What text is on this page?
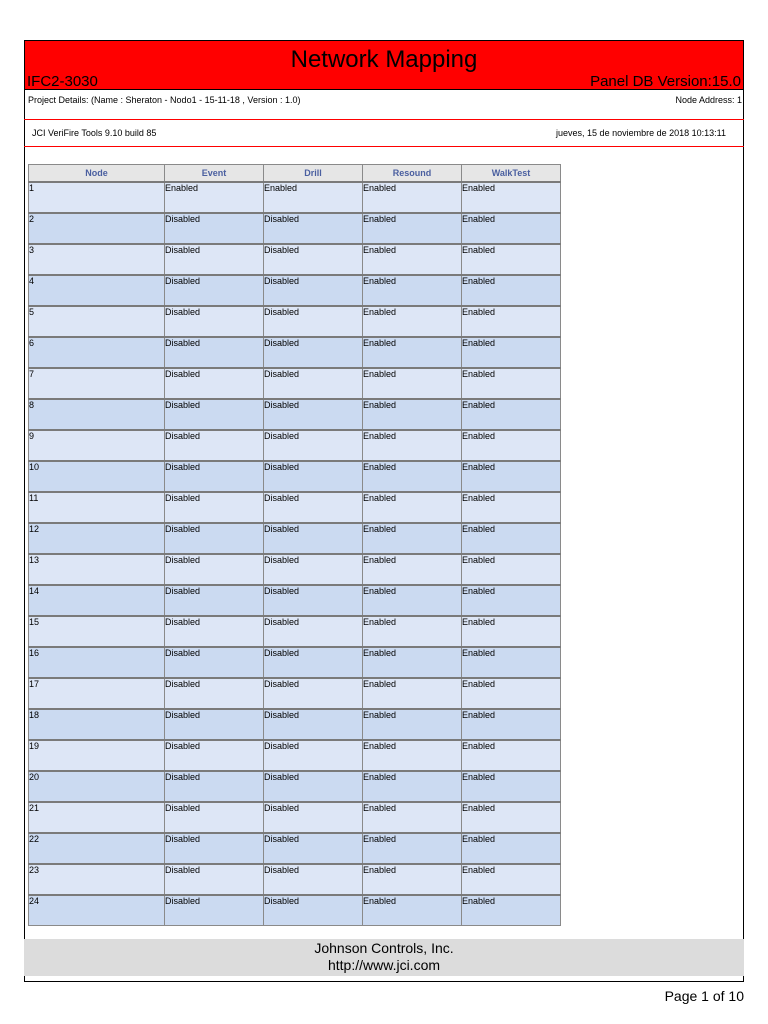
Network Mapping
IFC2-3030	Panel DB Version:15.0
Project Details: (Name : Sheraton - Nodo1 - 15-11-18 , Version : 1.0)	Node Address: 1
JCI VeriFire Tools 9.10 build 85	jueves, 15 de noviembre de 2018 10:13:11
Node	Event	Drill	Resound	WalkTest
1	Enabled	Enabled	Enabled	Enabled
2	Disabled	Disabled	Enabled	Enabled
3	Disabled	Disabled	Enabled	Enabled
4	Disabled	Disabled	Enabled	Enabled
5	Disabled	Disabled	Enabled	Enabled
6	Disabled	Disabled	Enabled	Enabled
7	Disabled	Disabled	Enabled	Enabled
8	Disabled	Disabled	Enabled	Enabled
9	Disabled	Disabled	Enabled	Enabled
10	Disabled	Disabled	Enabled	Enabled
11	Disabled	Disabled	Enabled	Enabled
12	Disabled	Disabled	Enabled	Enabled
13	Disabled	Disabled	Enabled	Enabled
14	Disabled	Disabled	Enabled	Enabled
15	Disabled	Disabled	Enabled	Enabled
16	Disabled	Disabled	Enabled	Enabled
17	Disabled	Disabled	Enabled	Enabled
18	Disabled	Disabled	Enabled	Enabled
19	Disabled	Disabled	Enabled	Enabled
20	Disabled	Disabled	Enabled	Enabled
21	Disabled	Disabled	Enabled	Enabled
22	Disabled	Disabled	Enabled	Enabled
23	Disabled	Disabled	Enabled	Enabled
24	Disabled	Disabled	Enabled	Enabled
Johnson Controls, Inc.
http://www.jci.com
Page 1 of 10
